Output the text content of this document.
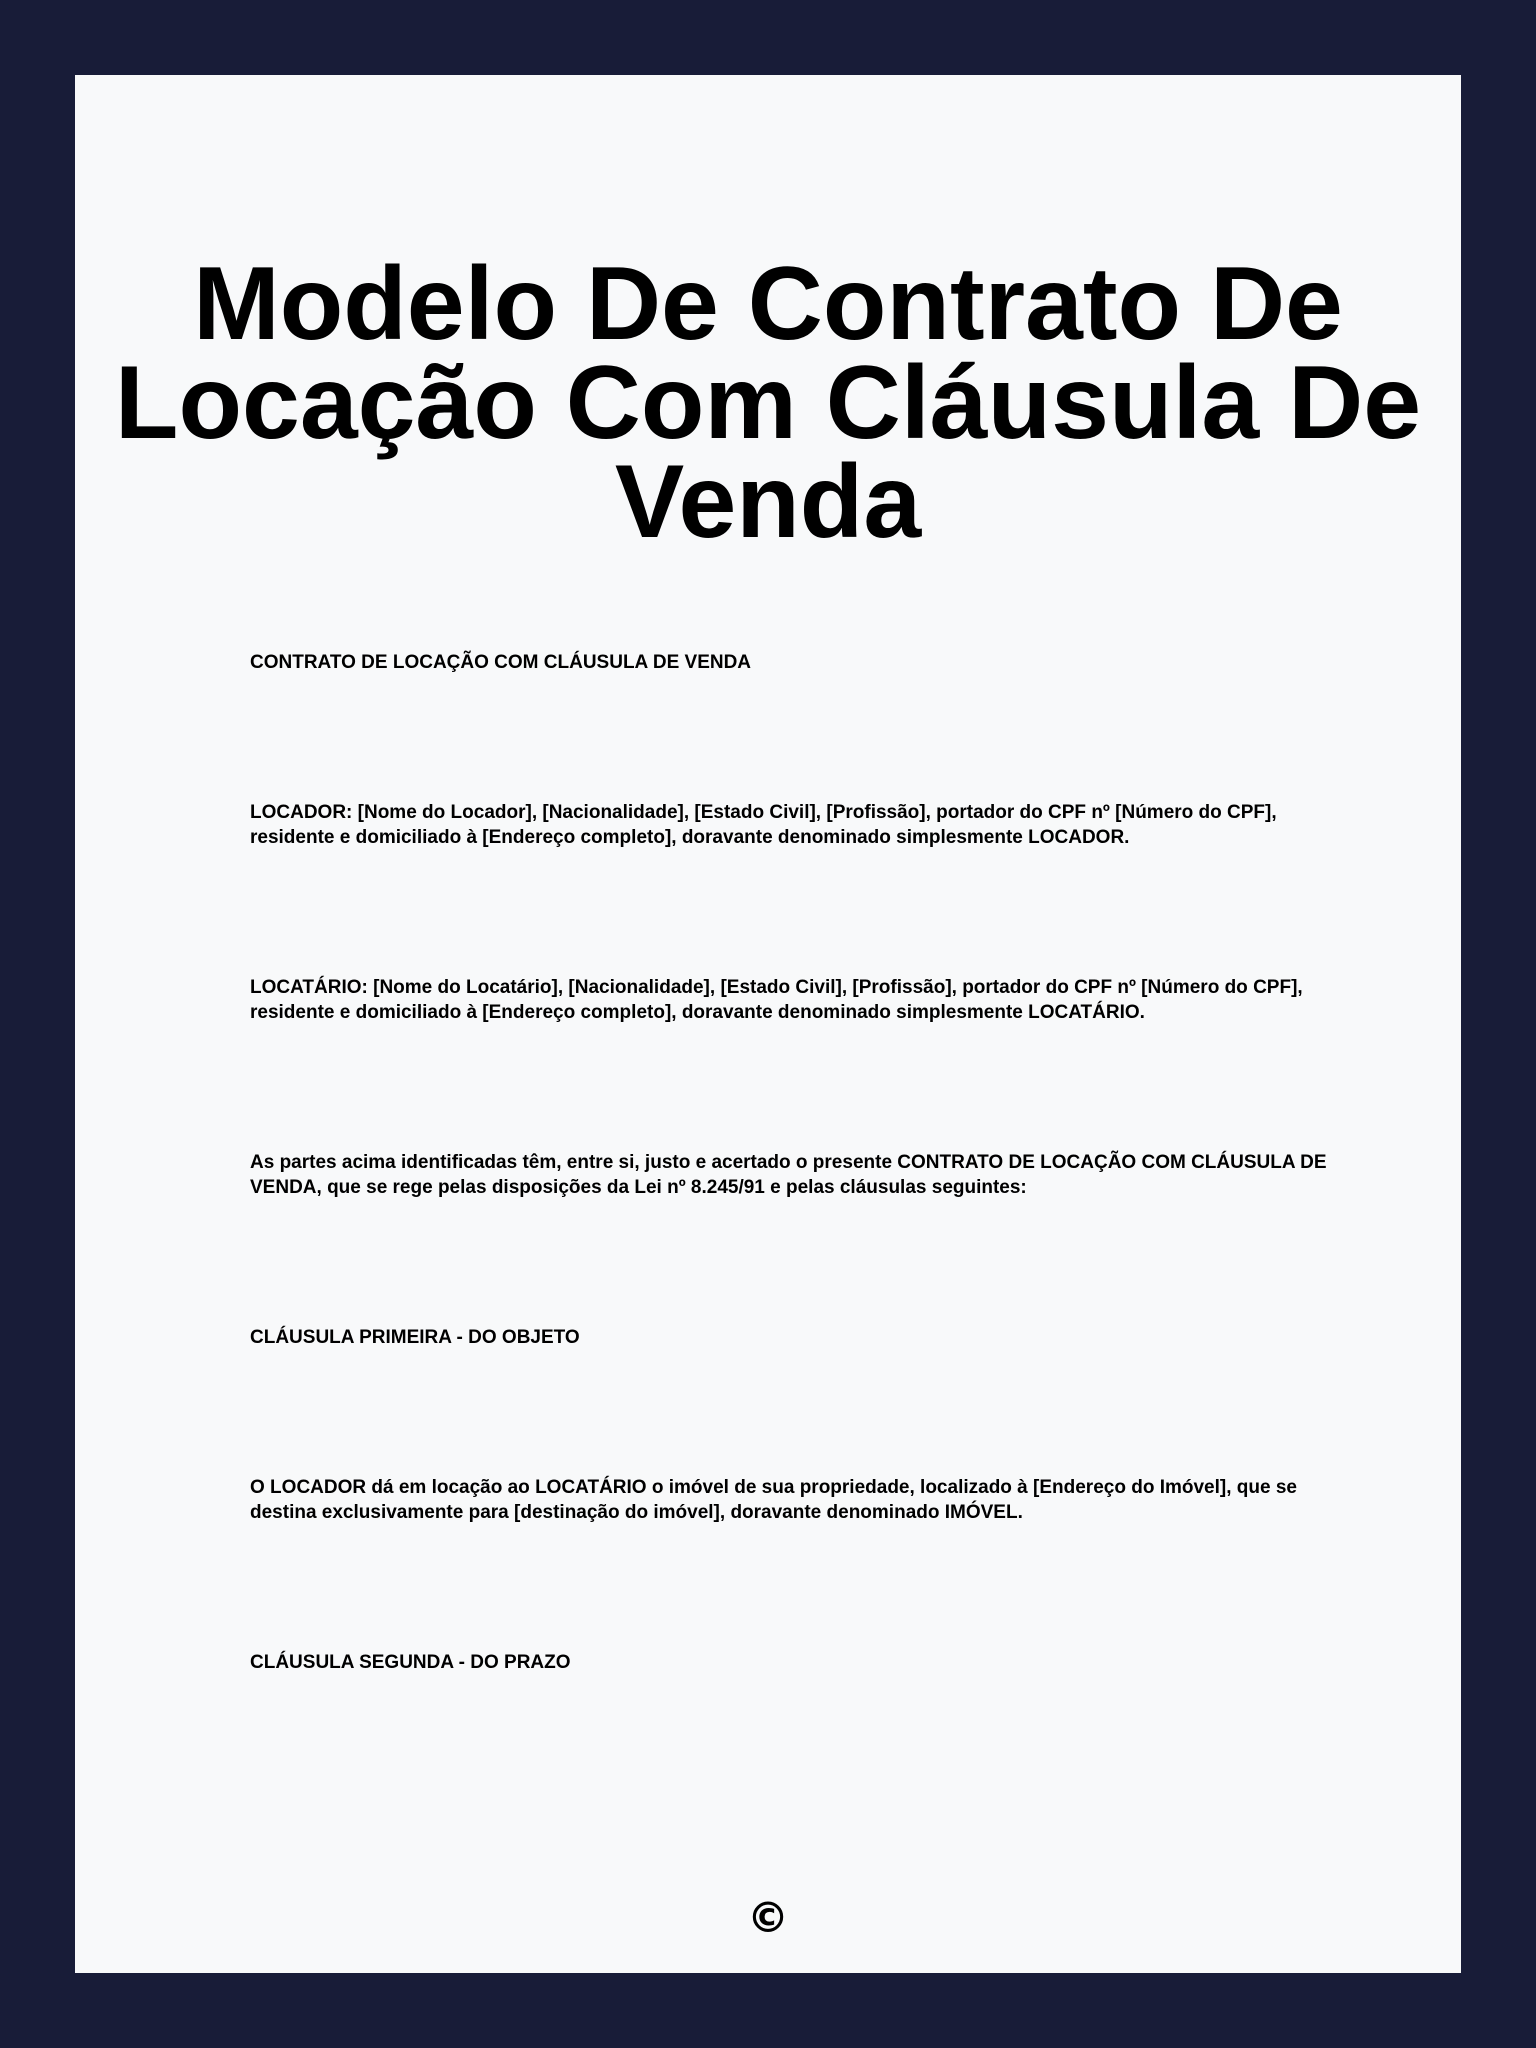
Modelo De Contrato De Locação Com Cláusula De Venda

CONTRATO DE LOCAÇÃO COM CLÁUSULA DE VENDA

LOCADOR: [Nome do Locador], [Nacionalidade], [Estado Civil], [Profissão], portador do CPF nº [Número do CPF], residente e domiciliado à [Endereço completo], doravante denominado simplesmente LOCADOR.

LOCATÁRIO: [Nome do Locatário], [Nacionalidade], [Estado Civil], [Profissão], portador do CPF nº [Número do CPF], residente e domiciliado à [Endereço completo], doravante denominado simplesmente LOCATÁRIO.

As partes acima identificadas têm, entre si, justo e acertado o presente CONTRATO DE LOCAÇÃO COM CLÁUSULA DE VENDA, que se rege pelas disposições da Lei nº 8.245/91 e pelas cláusulas seguintes:

CLÁUSULA PRIMEIRA - DO OBJETO

O LOCADOR dá em locação ao LOCATÁRIO o imóvel de sua propriedade, localizado à [Endereço do Imóvel], que se destina exclusivamente para [destinação do imóvel], doravante denominado IMÓVEL.

CLÁUSULA SEGUNDA - DO PRAZO

©
